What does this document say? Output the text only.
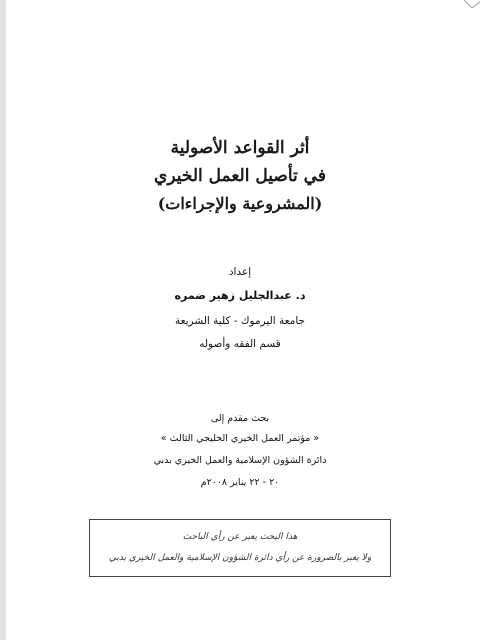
أثر القواعد الأصولية
في تأصيل العمل الخيري
(المشروعية والإجراءات)
إعداد
د. عبدالجليل زهير ضمره
جامعة اليرموك - كلية الشريعة
قسم الفقه وأصوله
بحث مقدم إلى
« مؤتمر العمل الخيري الخليجي الثالث »
دائرة الشؤون الإسلامية والعمل الخيري بدبي
٢٠ - ٢٢ يناير ٢٠٠٨م
هذا البحث يعبر عن رأي الباحث
ولا يعبر بالضرورة عن رأي دائرة الشؤون الإسلامية والعمل الخيري بدبي
